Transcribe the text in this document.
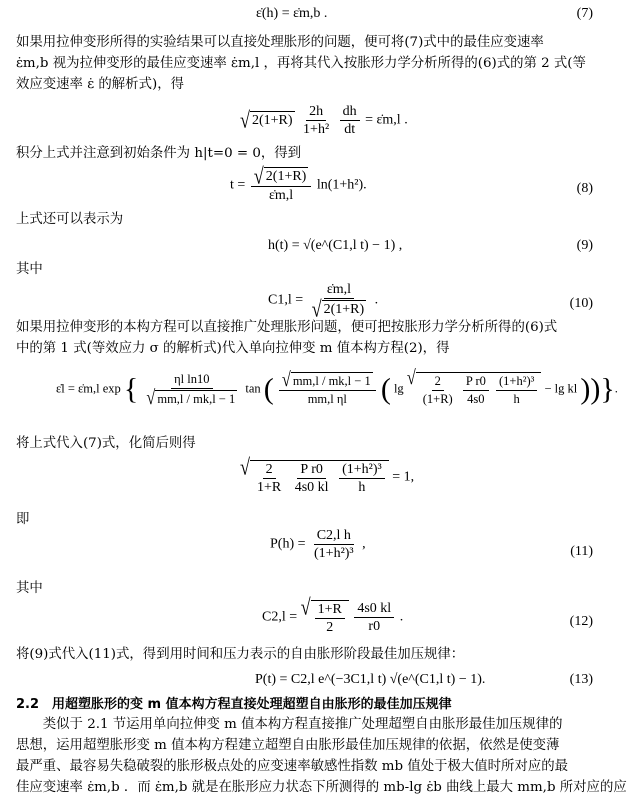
ε̇(h) = ε̇m,b .	(7)
如果用拉伸变形所得的实验结果可以直接处理胀形的问题，便可将(7)式中的最佳应变速率
ε̇m,b 视为拉伸变形的最佳应变速率 ε̇m,l ，再将其代入按胀形力学分析所得的(6)式的第 2 式(等
效应变速率 ε̇ 的解析式)，得
√ 2(1+R)
$\frac{2h}{\text{1+h²}}$
$\frac{dh}{dt}$ = ε̇m,l .
积分上式并注意到初始条件为 h|t=0 = 0，得到
$t = \frac{√ 2(1+R)}{\varepsiloṅm,l} \ln(1+h^2)$.	(8)
上式还可以表示为
h(t) = √(e^(C1,l t) − 1) ,	(9)
其中
$C1,l = \frac{\varepsiloṅm,l}{√ 2(1+R)}$ .	(10)
如果用拉伸变形的本构方程可以直接推广处理胀形问题，便可把按胀形力学分析所得的(6)式
中的第 1 式(等效应力 σ 的解析式)代入单向拉伸变 m 值本构方程(2)，得
ε̇l = ε̇m,l exp { $\frac{\text{ηl ln10}}{√ mm,l / mk,l - 1}$ tan ( $\frac{√ mm,l / mk,l - 1}{\text{mm,l ηl}}$ ( lg √ $\frac{2}{(1+R)}$
$\frac{\text{P r0}}{4s0}$
$\frac{\text{(1+h²)³}}{h} - \lg$ kl ))}.
将上式代入(7)式，化简后则得
√ $\frac{2}{1+R}$
$\frac{\text{P r0}}{4s0 kl}$
$\frac{\text{(1+h²)³}}{h} = 1$,
即
$P(h) = \frac{\text{C2,l h}}{\text{(1+h²)³}}$ ,	(11)
其中
C2,l = √ $\frac{1+R}{2}$
$\frac{4s0 kl}{r0}$ .	(12)
将(9)式代入(11)式，得到用时间和压力表示的自由胀形阶段最佳加压规律：
P(t) = C2,l e^(−3C1,l t) √(e^(C1,l t) − 1).	(13)
2.2　用超塑胀形的变 m 值本构方程直接处理超塑自由胀形的最佳加压规律
　　类似于 2.1 节运用单向拉伸变 m 值本构方程直接推广处理超塑自由胀形最佳加压规律的
思想，运用超塑胀形变 m 值本构方程建立超塑自由胀形最佳加压规律的依据，依然是使变薄
最严重、最容易失稳破裂的胀形极点处的应变速率敏感性指数 mb 值处于极大值时所对应的最
佳应变速率 ε̇m,b ．而 ε̇m,b 就是在胀形应力状态下所测得的 mb-lg ε̇b 曲线上最大 mm,b 所对应的应
